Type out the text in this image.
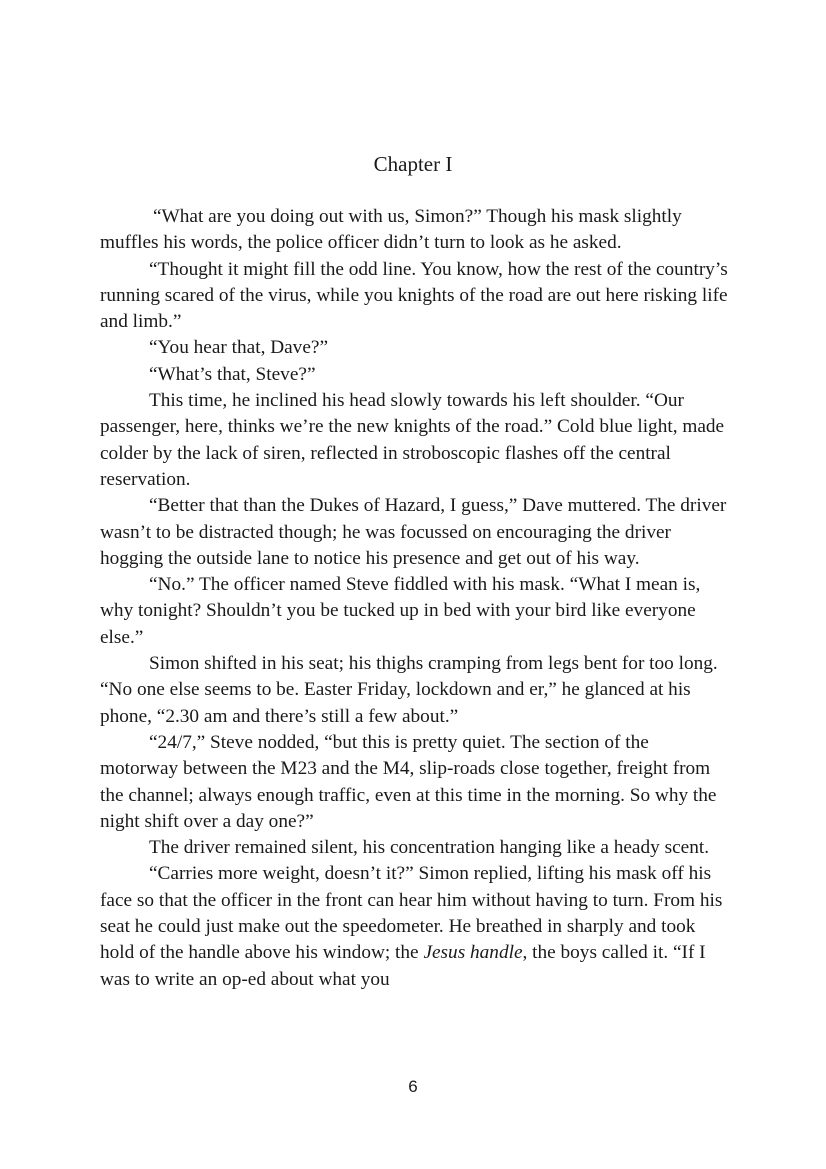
Chapter I

“What are you doing out with us, Simon?” Though his mask slightly muffles his words, the police officer didn’t turn to look as he asked.

“Thought it might fill the odd line. You know, how the rest of the country’s running scared of the virus, while you knights of the road are out here risking life and limb.”

“You hear that, Dave?”

“What’s that, Steve?”

This time, he inclined his head slowly towards his left shoulder. “Our passenger, here, thinks we’re the new knights of the road.” Cold blue light, made colder by the lack of siren, reflected in stroboscopic flashes off the central reservation.

“Better that than the Dukes of Hazard, I guess,” Dave muttered. The driver wasn’t to be distracted though; he was focussed on encouraging the driver hogging the outside lane to notice his presence and get out of his way.

“No.” The officer named Steve fiddled with his mask. “What I mean is, why tonight? Shouldn’t you be tucked up in bed with your bird like everyone else.”

Simon shifted in his seat; his thighs cramping from legs bent for too long. “No one else seems to be. Easter Friday, lockdown and er,” he glanced at his phone, “2.30 am and there’s still a few about.”

“24/7,” Steve nodded, “but this is pretty quiet. The section of the motorway between the M23 and the M4, slip-roads close together, freight from the channel; always enough traffic, even at this time in the morning. So why the night shift over a day one?”

The driver remained silent, his concentration hanging like a heady scent.

“Carries more weight, doesn’t it?” Simon replied, lifting his mask off his face so that the officer in the front can hear him without having to turn. From his seat he could just make out the speedometer. He breathed in sharply and took hold of the handle above his window; the Jesus handle, the boys called it. “If I was to write an op-ed about what you

6
